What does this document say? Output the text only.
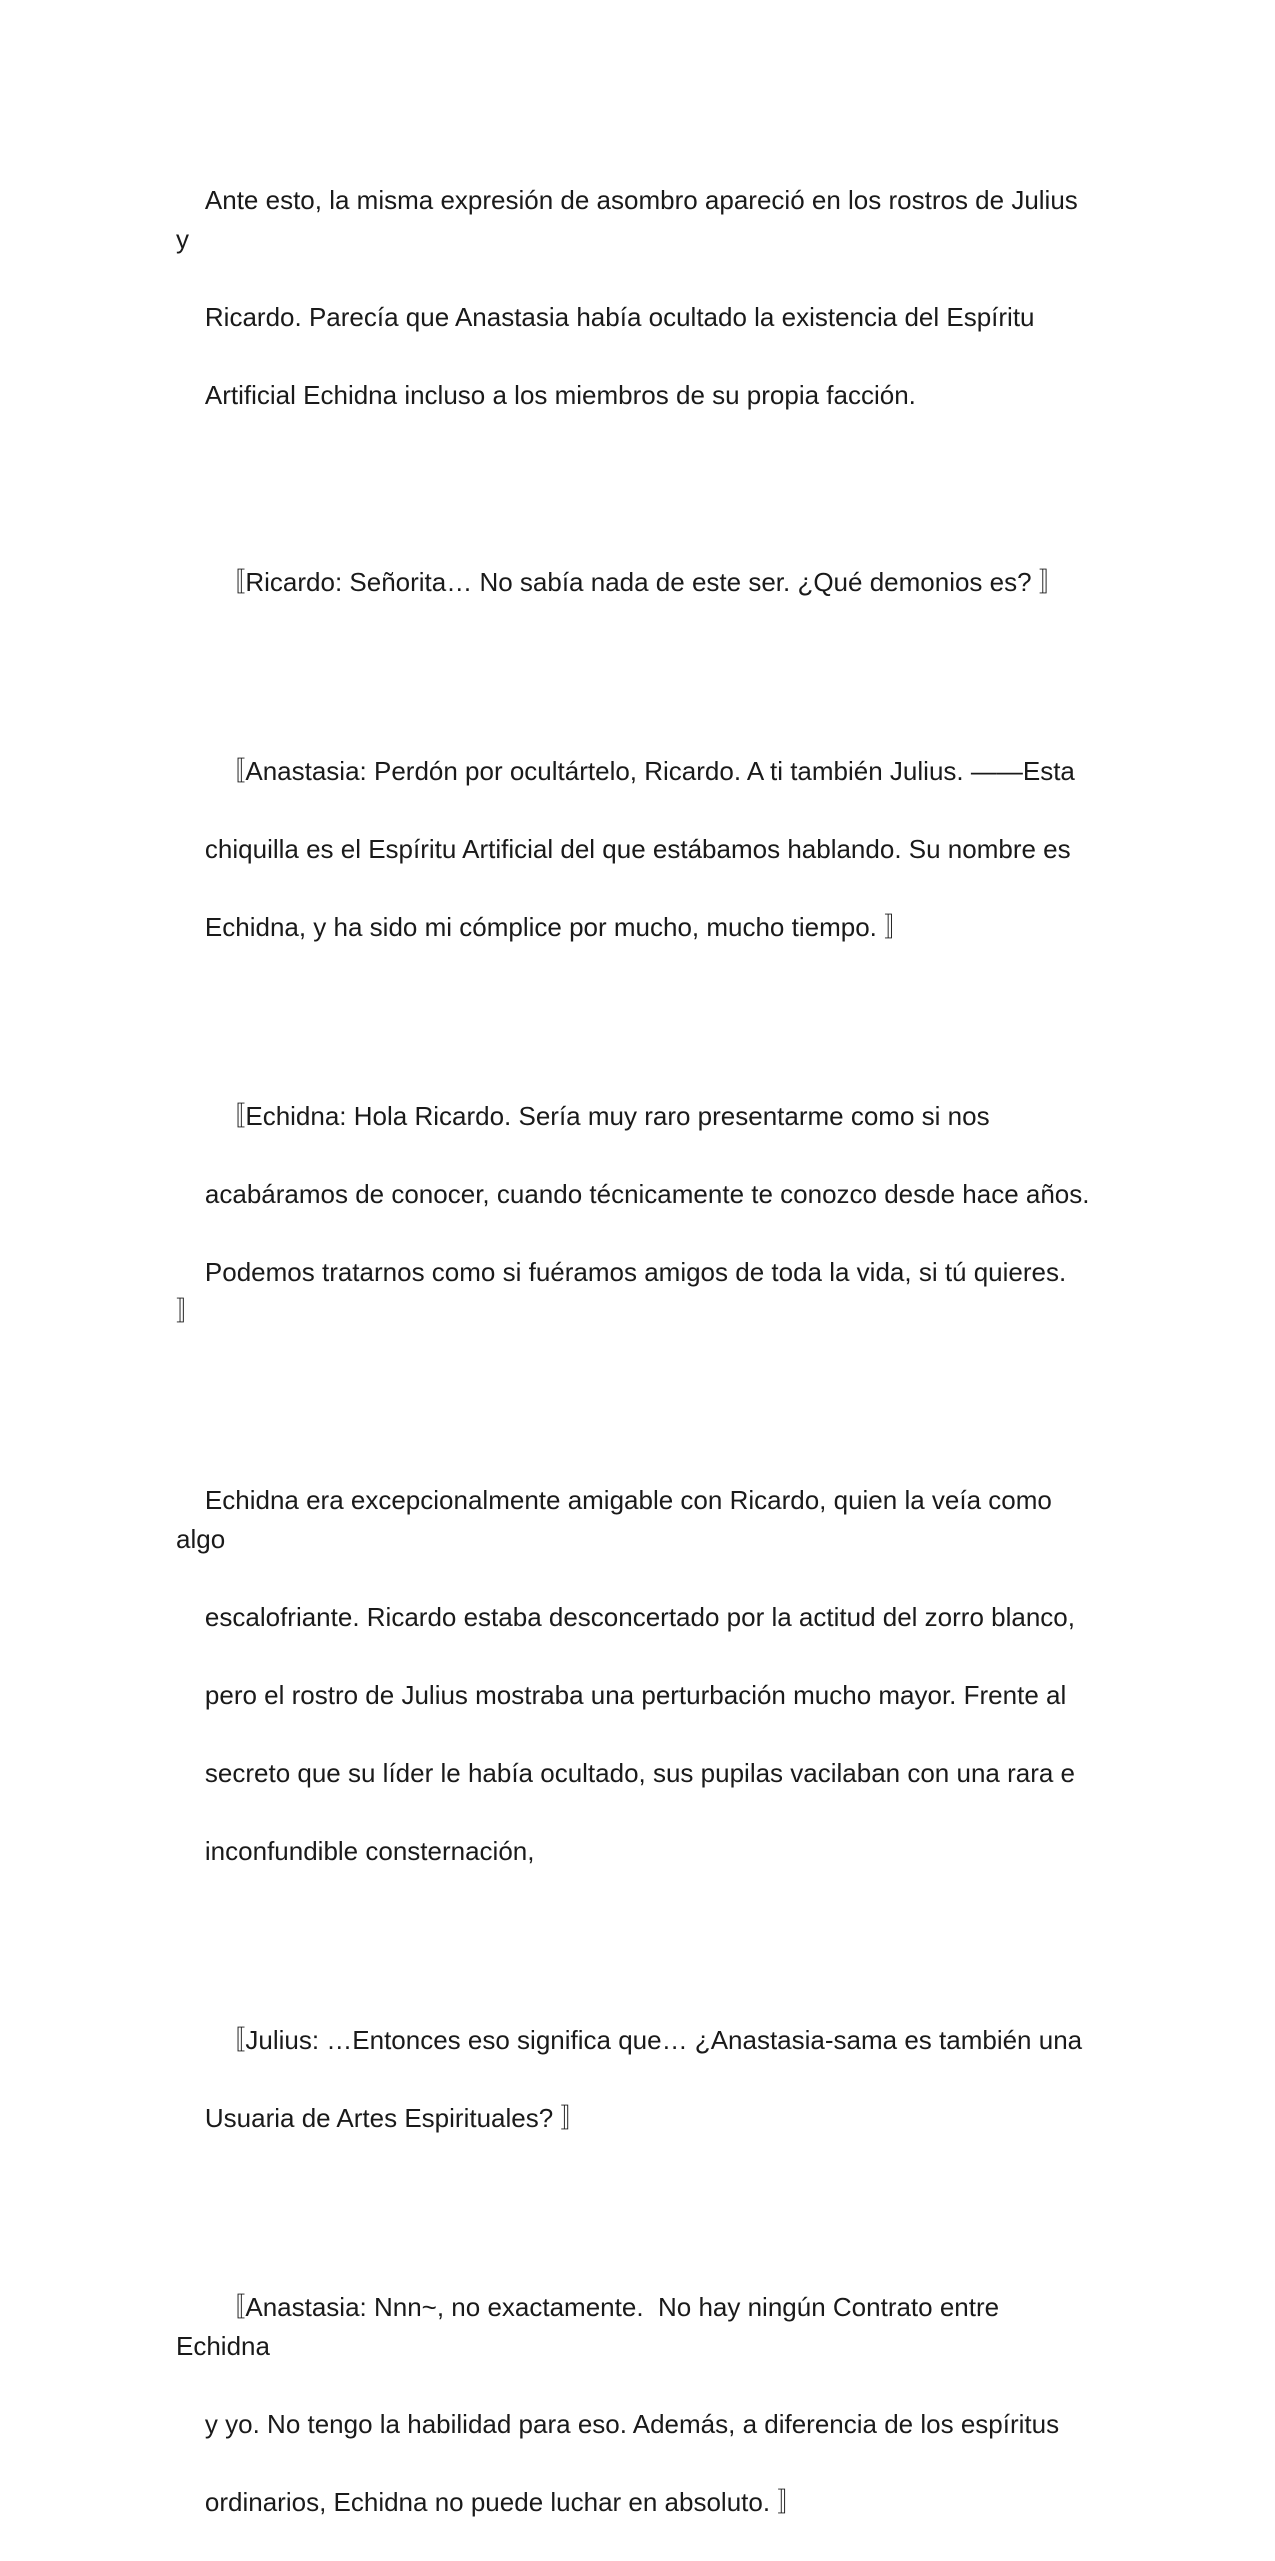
Ante esto, la misma expresión de asombro apareció en los rostros de Julius y

Ricardo. Parecía que Anastasia había ocultado la existencia del Espíritu

Artificial Echidna incluso a los miembros de su propia facción.

〚Ricardo: Señorita… No sabía nada de este ser. ¿Qué demonios es? 〛

〚Anastasia: Perdón por ocultártelo, Ricardo. A ti también Julius. ——Esta

chiquilla es el Espíritu Artificial del que estábamos hablando. Su nombre es

Echidna, y ha sido mi cómplice por mucho, mucho tiempo. 〛

〚Echidna: Hola Ricardo. Sería muy raro presentarme como si nos

acabáramos de conocer, cuando técnicamente te conozco desde hace años.

Podemos tratarnos como si fuéramos amigos de toda la vida, si tú quieres. 〛

Echidna era excepcionalmente amigable con Ricardo, quien la veía como algo

escalofriante. Ricardo estaba desconcertado por la actitud del zorro blanco,

pero el rostro de Julius mostraba una perturbación mucho mayor. Frente al

secreto que su líder le había ocultado, sus pupilas vacilaban con una rara e

inconfundible consternación,

〚Julius: …Entonces eso significa que… ¿Anastasia-sama es también una

Usuaria de Artes Espirituales? 〛

〚Anastasia: Nnn~, no exactamente.  No hay ningún Contrato entre Echidna

y yo. No tengo la habilidad para eso. Además, a diferencia de los espíritus

ordinarios, Echidna no puede luchar en absoluto. 〛
